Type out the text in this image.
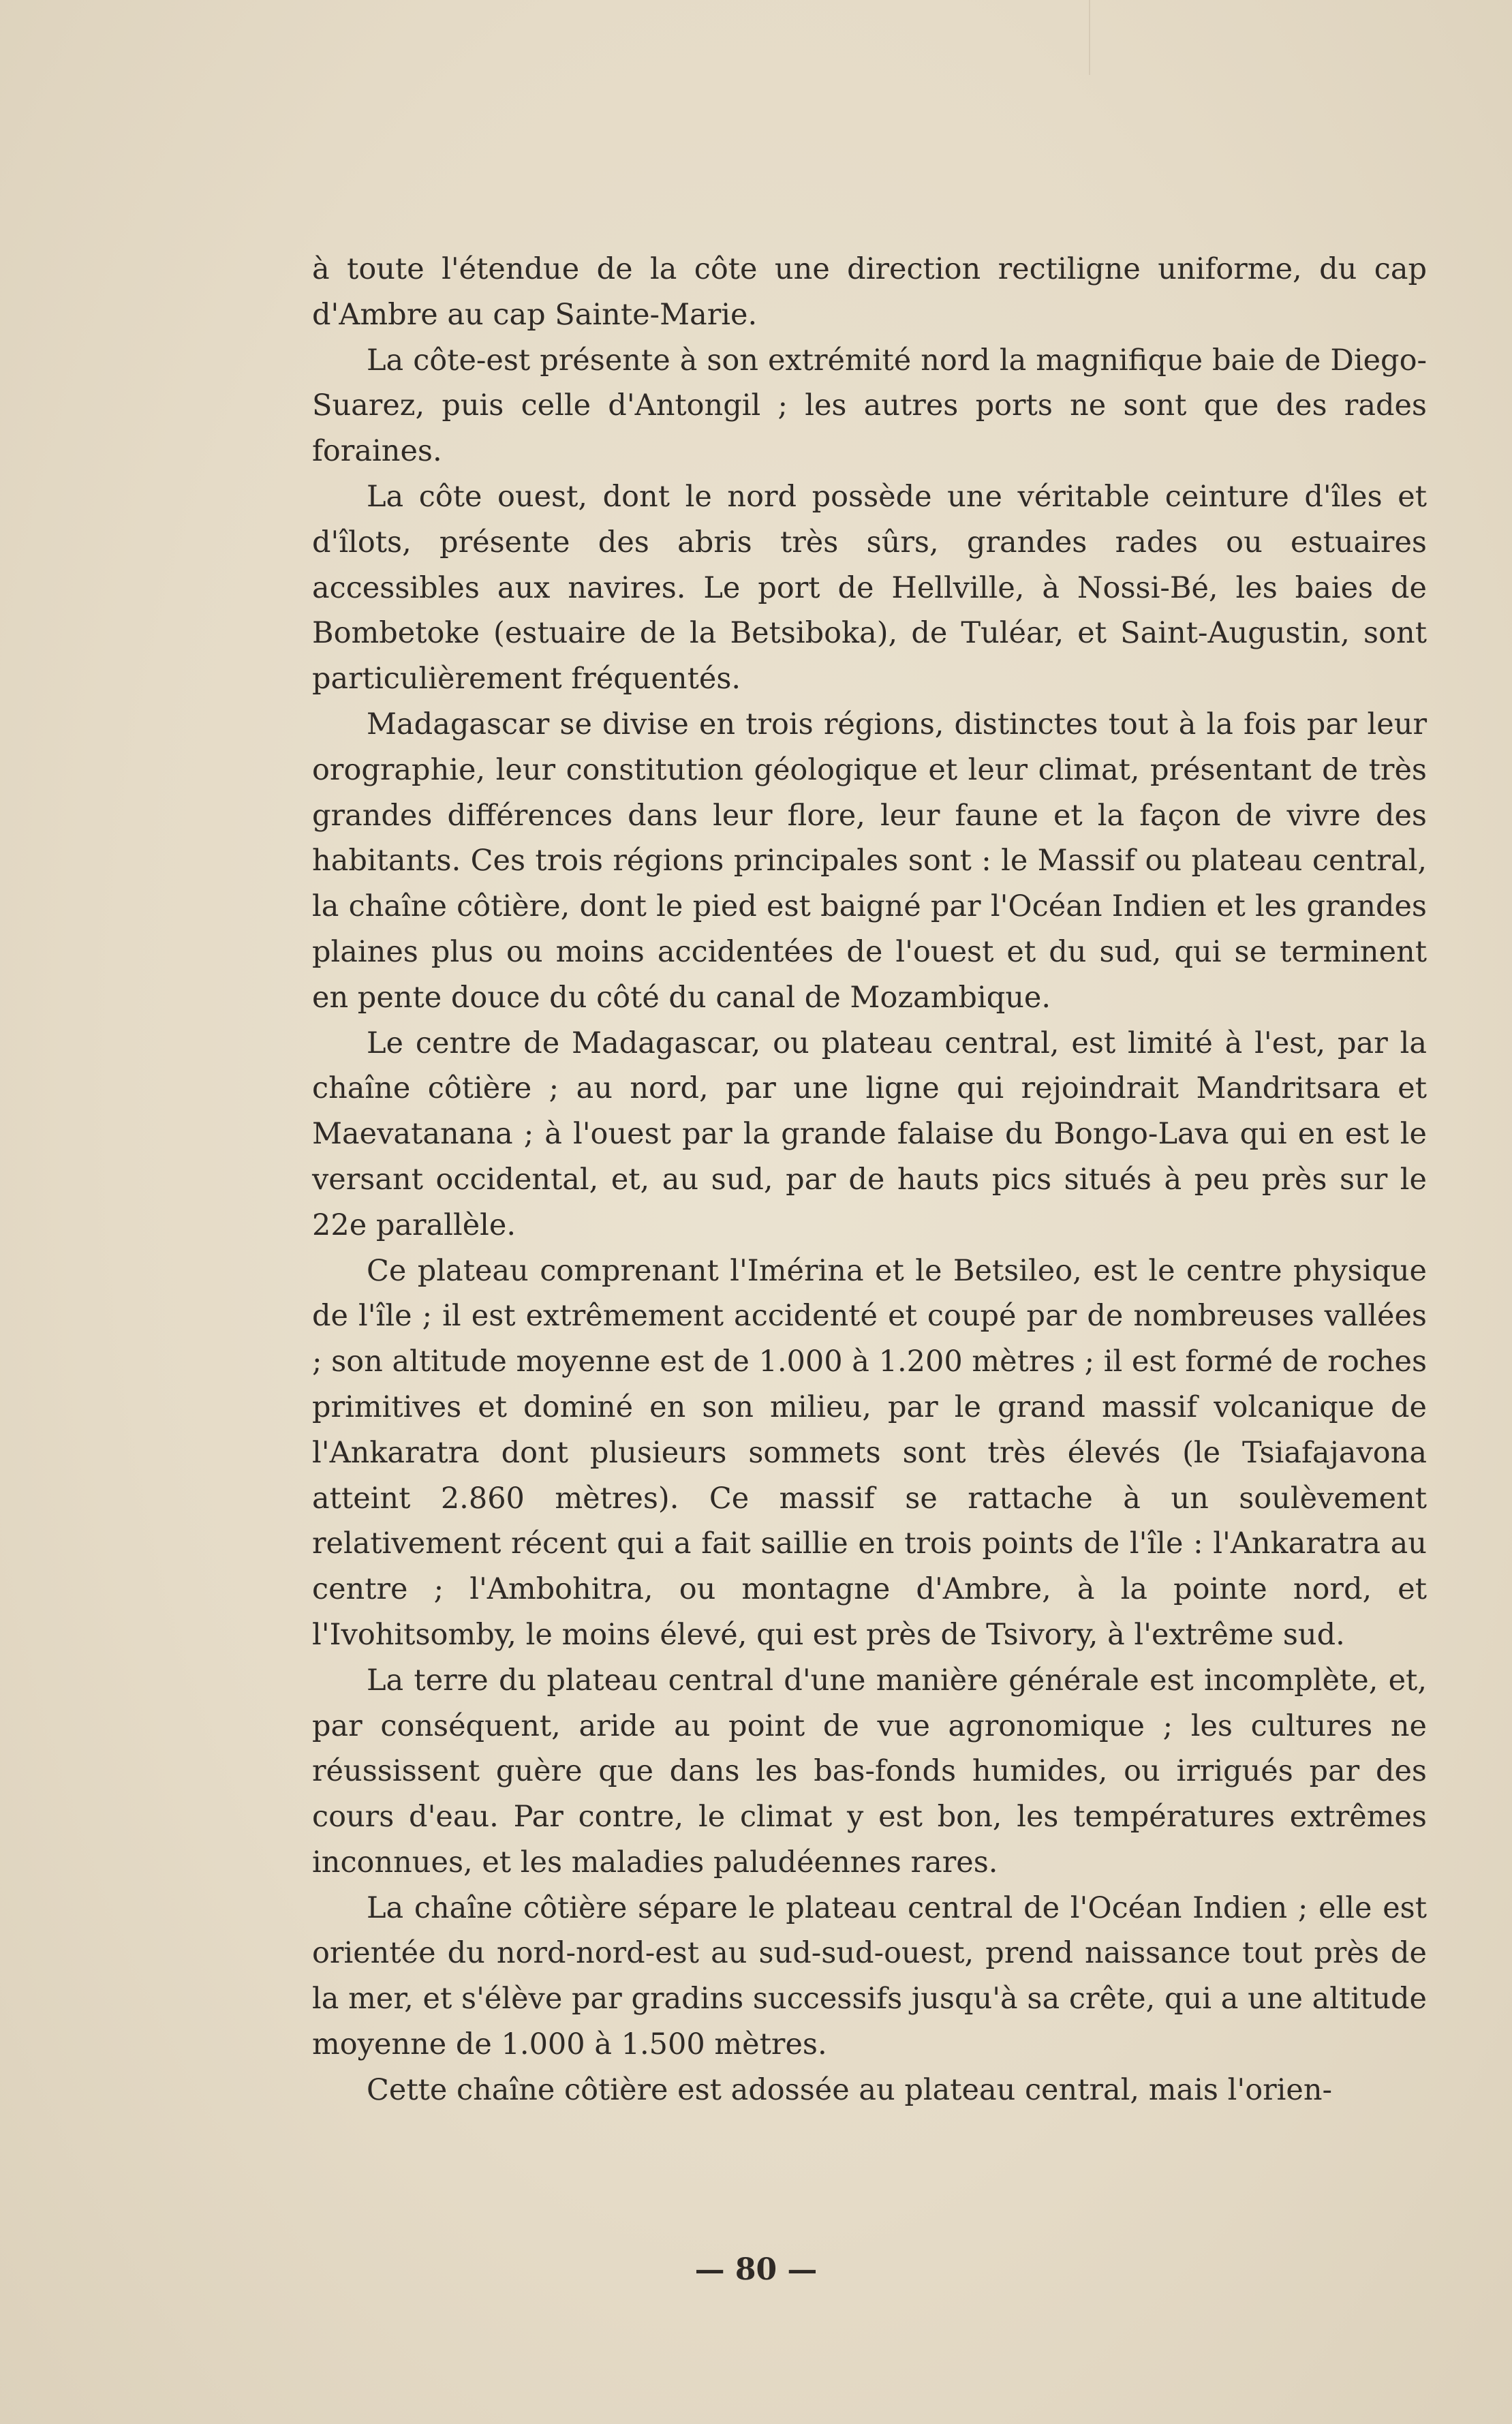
à toute l'étendue de la côte une direction rectiligne uniforme, du cap d'Ambre au cap Sainte-Marie.

La côte-est présente à son extrémité nord la magnifique baie de Diego-Suarez, puis celle d'Antongil ; les autres ports ne sont que des rades foraines.

La côte ouest, dont le nord possède une véritable ceinture d'îles et d'îlots, présente des abris très sûrs, grandes rades ou estuaires accessibles aux navires. Le port de Hellville, à Nossi-Bé, les baies de Bombetoke (estuaire de la Betsiboka), de Tuléar, et Saint-Augustin, sont particulièrement fréquentés.

Madagascar se divise en trois régions, distinctes tout à la fois par leur orographie, leur constitution géologique et leur climat, présentant de très grandes différences dans leur flore, leur faune et la façon de vivre des habitants. Ces trois régions principales sont : le Massif ou plateau central, la chaîne côtière, dont le pied est baigné par l'Océan Indien et les grandes plaines plus ou moins accidentées de l'ouest et du sud, qui se terminent en pente douce du côté du canal de Mozambique.

Le centre de Madagascar, ou plateau central, est limité à l'est, par la chaîne côtière ; au nord, par une ligne qui rejoindrait Mandritsara et Maevatanana ; à l'ouest par la grande falaise du Bongo-Lava qui en est le versant occidental, et, au sud, par de hauts pics situés à peu près sur le 22e parallèle.

Ce plateau comprenant l'Imérina et le Betsileo, est le centre physique de l'île ; il est extrêmement accidenté et coupé par de nombreuses vallées ; son altitude moyenne est de 1.000 à 1.200 mètres ; il est formé de roches primitives et dominé en son milieu, par le grand massif volcanique de l'Ankaratra dont plusieurs sommets sont très élevés (le Tsiafajavona atteint 2.860 mètres). Ce massif se rattache à un soulèvement relativement récent qui a fait saillie en trois points de l'île : l'Ankaratra au centre ; l'Ambohitra, ou montagne d'Ambre, à la pointe nord, et l'Ivohitsomby, le moins élevé, qui est près de Tsivory, à l'extrême sud.

La terre du plateau central d'une manière générale est incomplète, et, par conséquent, aride au point de vue agronomique ; les cultures ne réussissent guère que dans les bas-fonds humides, ou irrigués par des cours d'eau. Par contre, le climat y est bon, les températures extrêmes inconnues, et les maladies paludéennes rares.

La chaîne côtière sépare le plateau central de l'Océan Indien ; elle est orientée du nord-nord-est au sud-sud-ouest, prend naissance tout près de la mer, et s'élève par gradins successifs jusqu'à sa crête, qui a une altitude moyenne de 1.000 à 1.500 mètres.

Cette chaîne côtière est adossée au plateau central, mais l'orien-

— 80 —
